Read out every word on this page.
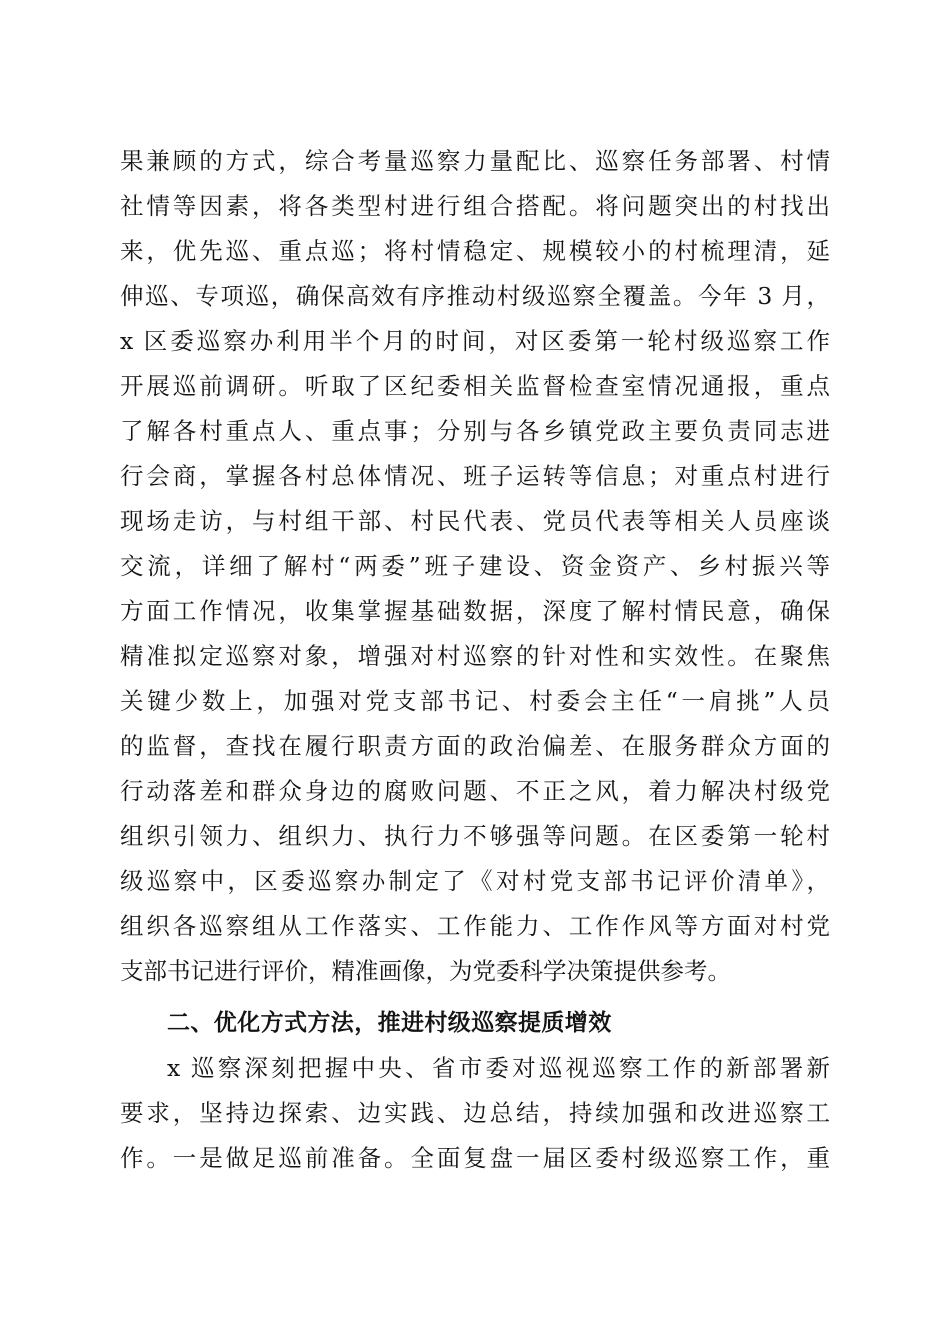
果兼顾的方式，综合考量巡察力量配比、巡察任务部署、村情
社情等因素，将各类型村进行组合搭配。将问题突出的村找出
来，优先巡、重点巡；将村情稳定、规模较小的村梳理清，延
伸巡、专项巡，确保高效有序推动村级巡察全覆盖。今年 3 月，
x 区委巡察办利用半个月的时间，对区委第一轮村级巡察工作
开展巡前调研。听取了区纪委相关监督检查室情况通报，重点
了解各村重点人、重点事；分别与各乡镇党政主要负责同志进
行会商，掌握各村总体情况、班子运转等信息；对重点村进行
现场走访，与村组干部、村民代表、党员代表等相关人员座谈
交流，详细了解村“两委”班子建设、资金资产、乡村振兴等
方面工作情况，收集掌握基础数据，深度了解村情民意，确保
精准拟定巡察对象，增强对村巡察的针对性和实效性。在聚焦
关键少数上，加强对党支部书记、村委会主任“一肩挑”人员
的监督，查找在履行职责方面的政治偏差、在服务群众方面的
行动落差和群众身边的腐败问题、不正之风，着力解决村级党
组织引领力、组织力、执行力不够强等问题。在区委第一轮村
级巡察中，区委巡察办制定了《对村党支部书记评价清单》，
组织各巡察组从工作落实、工作能力、工作作风等方面对村党
支部书记进行评价，精准画像，为党委科学决策提供参考。
二、优化方式方法，推进村级巡察提质增效
x 巡察深刻把握中央、省市委对巡视巡察工作的新部署新
要求，坚持边探索、边实践、边总结，持续加强和改进巡察工
作。一是做足巡前准备。全面复盘一届区委村级巡察工作，重
